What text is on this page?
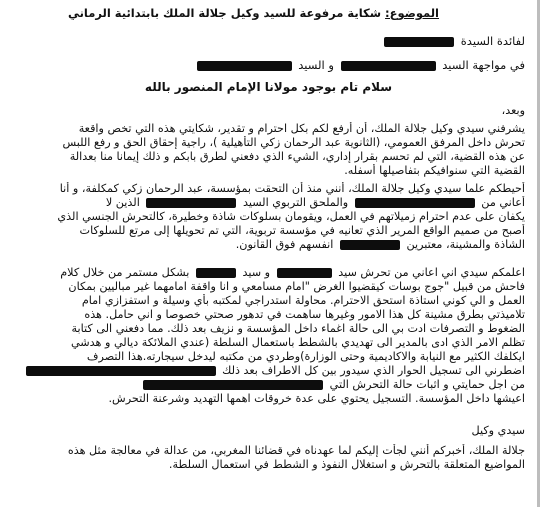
الموضوع: شكاية مرفوعة للسيد وكيل جلالة الملك بابتدائية الرماني
لفائدة السيدة
في مواجهة السيد  و السيد
سلام تام بوجود مولانا الإمام المنصور بالله
وبعد،
يشرفني سيدي وكيل جلالة الملك، أن أرفع لكم بكل احترام و تقدير، شكايتي هذه التي تخص واقعة
تحرش داخل المرفق العمومي، (الثانوية عبد الرحمان زكي التأهيلية )، راجية إحقاق الحق و رفع اللبس
عن هذه القضية، التي لم تحسم بقرار إداري، الشيء الذي دفعني لطرق بابكم و ذلك إيمانا منا بعدالة
القضية التي سنوافيكم بتفاصيلها أسفله.
أحيطكم علما سيدي وكيل جلالة الملك، أنني منذ أن التحقت بمؤسسة، عبد الرحمان زكي كمكلفة، و أنا
أعاني من  والملحق التربوي السيد  الذين لا
يكفان على عدم احترام زميلاتهم في العمل، ويقومان بسلوكات شاذة وخطيرة، كالتحرش الجنسي الذي
أصبح من صميم الواقع المرير الذي تعانيه في مؤسسة تربوية، التي تم تحويلها إلى مرتع للسلوكات
الشاذة والمشينة، معتبرين  انفسهم فوق القانون.
اعلمكم سيدي اني اعاني من تحرش سيد  و سيد  بشكل مستمر من خلال كلام
فاحش من قبيل "جوج بوسات كيقضيوا الغرض "امام مسامعي و انا واقفة امامهما غير مباليين بمكان
العمل و الي كوني استاذة استحق الاحترام. محاولة استدراجي لمكتبه بأي وسيلة و استفزازي امام
تلاميذتي بطرق مشينة كل هذا الامور وغيرها ساهمت في تدهور صحتي خصوصا و اني حامل. هذه
الضغوط و التصرفات ادت بي الى حالة اغماء داخل المؤسسة و نزيف بعد ذلك. مما دفعني الى كتابة
تظلم الامر الذي ادى بالمدير الى تهديدي بالشطط باستعمال السلطة (عندي الملائكة ديالي و هدشي
ايكلفك الكثير مع النيابة والاكاديمية وحتى الوزارة)وطردي من مكتبه ليدخل سيجارته.هذا التصرف
اضطرني الى تسجيل الحوار الذي سيدور بين كل الاطراف بعد ذلك
من اجل حمايتي و اثبات حالة التحرش التي
اعيشها داخل المؤسسة. التسجيل يحتوي على عدة خروقات اهمها التهديد وشرعنة التحرش.
سيدي وكيل
جلالة الملك، أخبركم أنني لجأت إليكم لما عهدناه في قضائنا المغربي، من عدالة في معالجة مثل هذه
المواضيع المتعلقة بالتحرش و استغلال النفوذ و الشطط في استعمال السلطة.
